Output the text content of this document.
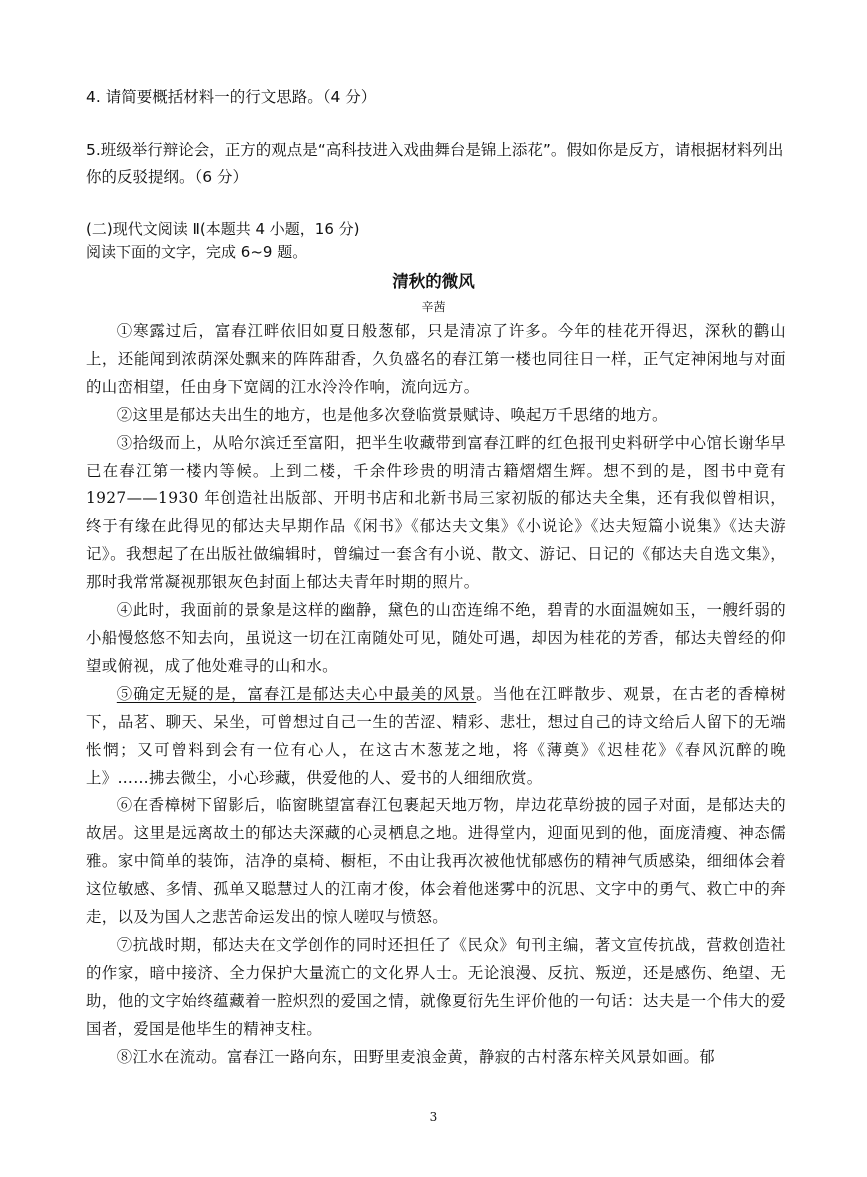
4. 请简要概括材料一的行文思路。（4 分）
5.班级举行辩论会，正方的观点是“高科技进入戏曲舞台是锦上添花”。假如你是反方，请根据材料列出你的反驳提纲。（6 分）
(二)现代文阅读 Ⅱ(本题共 4 小题，16 分)
阅读下面的文字，完成 6~9 题。
清秋的微风
辛茜

①寒露过后，富春江畔依旧如夏日般葱郁，只是清凉了许多。今年的桂花开得迟，深秋的鹳山上，还能闻到浓荫深处飘来的阵阵甜香，久负盛名的春江第一楼也同往日一样，正气定神闲地与对面的山峦相望，任由身下宽阔的江水泠泠作响，流向远方。

②这里是郁达夫出生的地方，也是他多次登临赏景赋诗、唤起万千思绪的地方。

③拾级而上，从哈尔滨迁至富阳，把半生收藏带到富春江畔的红色报刊史料研学中心馆长谢华早已在春江第一楼内等候。上到二楼，千余件珍贵的明清古籍熠熠生辉。想不到的是，图书中竟有 1927——1930 年创造社出版部、开明书店和北新书局三家初版的郁达夫全集，还有我似曾相识，终于有缘在此得见的郁达夫早期作品《闲书》《郁达夫文集》《小说论》《达夫短篇小说集》《达夫游记》。我想起了在出版社做编辑时，曾编过一套含有小说、散文、游记、日记的《郁达夫自选文集》，那时我常常凝视那银灰色封面上郁达夫青年时期的照片。

④此时，我面前的景象是这样的幽静，黛色的山峦连绵不绝，碧青的水面温婉如玉，一艘纤弱的小船慢悠悠不知去向，虽说这一切在江南随处可见，随处可遇，却因为桂花的芳香，郁达夫曾经的仰望或俯视，成了他处难寻的山和水。

⑤确定无疑的是，富春江是郁达夫心中最美的风景。当他在江畔散步、观景，在古老的香樟树下，品茗、聊天、呆坐，可曾想过自己一生的苦涩、精彩、悲壮，想过自己的诗文给后人留下的无端怅惘；又可曾料到会有一位有心人，在这古木葱茏之地，将《薄奠》《迟桂花》《春风沉醉的晚上》……拂去微尘，小心珍藏，供爱他的人、爱书的人细细欣赏。

⑥在香樟树下留影后，临窗眺望富春江包裹起天地万物，岸边花草纷披的园子对面，是郁达夫的故居。这里是远离故土的郁达夫深藏的心灵栖息之地。进得堂内，迎面见到的他，面庞清瘦、神态儒雅。家中简单的装饰，洁净的桌椅、橱柜，不由让我再次被他忧郁感伤的精神气质感染，细细体会着这位敏感、多情、孤单又聪慧过人的江南才俊，体会着他迷雾中的沉思、文字中的勇气、救亡中的奔走，以及为国人之悲苦命运发出的惊人嗟叹与愤怒。

⑦抗战时期，郁达夫在文学创作的同时还担任了《民众》旬刊主编，著文宣传抗战，营救创造社的作家，暗中接济、全力保护大量流亡的文化界人士。无论浪漫、反抗、叛逆，还是感伤、绝望、无助，他的文字始终蕴藏着一腔炽烈的爱国之情，就像夏衍先生评价他的一句话：达夫是一个伟大的爱国者，爱国是他毕生的精神支柱。

⑧江水在流动。富春江一路向东，田野里麦浪金黄，静寂的古村落东梓关风景如画。郁

3
